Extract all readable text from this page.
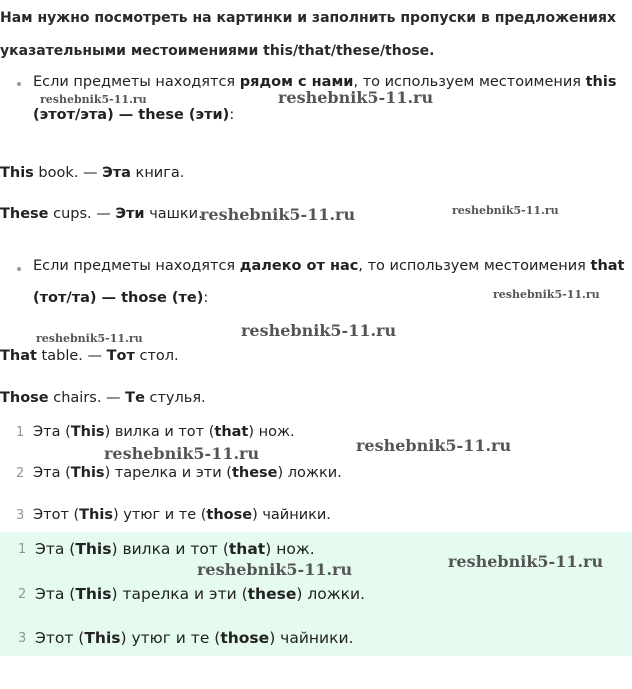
Нам нужно посмотреть на картинки и заполнить пропуски в предложениях
указательными местоимениями this/that/these/those.
Если предметы находятся рядом с нами, то используем местоимения this
(этот/эта) — these (эти):
This book. — Эта книга.
These cups. — Эти чашки.
Если предметы находятся далеко от нас, то используем местоимения that
(тот/та) — those (те):
That table. — Тот стол.
Those chairs. — Те стулья.
1 Эта (This) вилка и тот (that) нож.
2 Эта (This) тарелка и эти (these) ложки.
3 Этот (This) утюг и те (those) чайники.
1 Эта (This) вилка и тот (that) нож.
2 Эта (This) тарелка и эти (these) ложки.
3 Этот (This) утюг и те (those) чайники.
reshebnik5-11.ru	reshebnik5-11.ru
reshebnik5-11.ru	reshebnik5-11.ru
reshebnik5-11.ru
reshebnik5-11.ru	reshebnik5-11.ru
reshebnik5-11.ru
reshebnik5-11.ru
reshebnik5-11.ru	reshebnik5-11.ru
